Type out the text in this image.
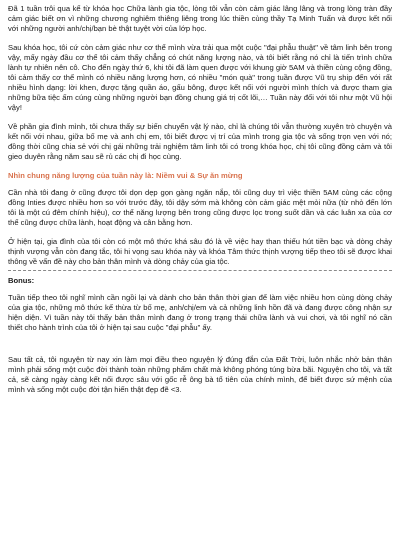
Đã 1 tuần trôi qua kể từ khóa học Chữa lành gia tộc, lòng tôi vẫn còn cảm giác lâng lâng và trong lòng tràn đầy cảm giác biết ơn vì những chương nghiêm thiêng liêng trong lúc thiền cùng thầy Tạ Minh Tuấn và được kết nối với những người anh/chị/bạn bè thật tuyệt vời của lớp học.

Sau khóa học, tôi cứ còn cảm giác như cơ thể mình vừa trải qua một cuộc "đại phẫu thuật" về tâm linh bên trong vậy, mấy ngày đầu cơ thể tôi cảm thấy chẳng có chút năng lượng nào, và tôi biết rằng nó chỉ là tiến trình chữa lành tự nhiên nên cô. Cho đến ngày thứ 6, khi tôi đã làm quen được với khung giờ 5AM và thiền cùng cộng đồng, tôi cảm thấy cơ thể mình có nhiều năng lượng hơn, có nhiều "món quà" trong tuần được Vũ trụ ship đến với rất nhiều hình dạng: lời khen, được tặng quần áo, gấu bông, được kết nối với người mình thích và được tham gia những bữa tiệc ấm cúng cùng những người bạn đồng chung giá trị cốt lõi,… Tuần này đối với tôi như một Vũ hội vậy!

Về phần gia đình mình, tôi chưa thấy sự biến chuyển vật lý nào, chỉ là chúng tôi vẫn thường xuyên trò chuyện và kết nối với nhau, giữa bố mẹ và anh chị em, tôi biết được vị trí của mình trong gia tộc và sống trọn vẹn với nó; đồng thời cũng chia sẻ với chị gái những trải nghiệm tâm linh tôi có trong khóa học, chị tôi cũng đồng cảm và tôi gieo duyên rằng năm sau sẽ rủ các chị đi học cùng.

Nhìn chung năng lượng của tuần này là: Niềm vui & Sự ăn mừng

Cần nhà tôi đang ở cũng được tôi dọn dẹp gọn gàng ngăn nắp, tôi cũng duy trì việc thiền 5AM cùng các cộng đồng Inties được nhiều hơn so với trước đây, tôi dậy sớm mà không còn cảm giác mệt mỏi nữa (từ nhỏ đến lớn tôi là một cú đêm chính hiệu), cơ thể năng lượng bên trong cũng được lọc trong suốt dần và các luân xa của cơ thể cũng được chữa lành, hoạt động và cân bằng hơn.

Ở hiện tại, gia đình của tôi còn có một mô thức khá sâu đó là về việc hay than thiếu hút tiền bạc và dòng chảy thịnh vượng vẫn còn đang tắc, tôi hi vọng sau khóa này và khóa Tâm thức thịnh vượng tiếp theo tôi sẽ được khai thông về vấn đề này cho bản thân mình và dòng chảy của gia tộc.

Bonus:

Tuần tiếp theo tôi nghĩ mình cần ngồi lại và dành cho bản thân thời gian để làm việc nhiều hơn cùng dòng chảy của gia tộc, những mô thức kế thừa từ bố mẹ, anh/chị/em và cả những linh hồn đã và đang được công nhận sự hiện diện. Vì tuần này tôi thấy bản thân mình đang ở trong trạng thái chữa lành và vui chơi, và tôi nghĩ nó cần thiết cho hành trình của tôi ở hiện tại sau cuộc "đại phẫu" ấy.

Sau tất cả, tôi nguyện từ nay xin làm mọi điều theo nguyện lý đúng đắn của Đất Trời, luôn nhắc nhở bản thân mình phải sống một cuộc đời thành toàn những phẩm chất mà không phóng túng bừa bãi. Nguyện cho tôi, và tất cả, sẽ càng ngày càng kết nối được sâu với gốc rễ ông bà tổ tiên của chính mình, để biết được sứ mệnh của mình và sống một cuộc đời tận hiến thật đẹp đẽ <3.
